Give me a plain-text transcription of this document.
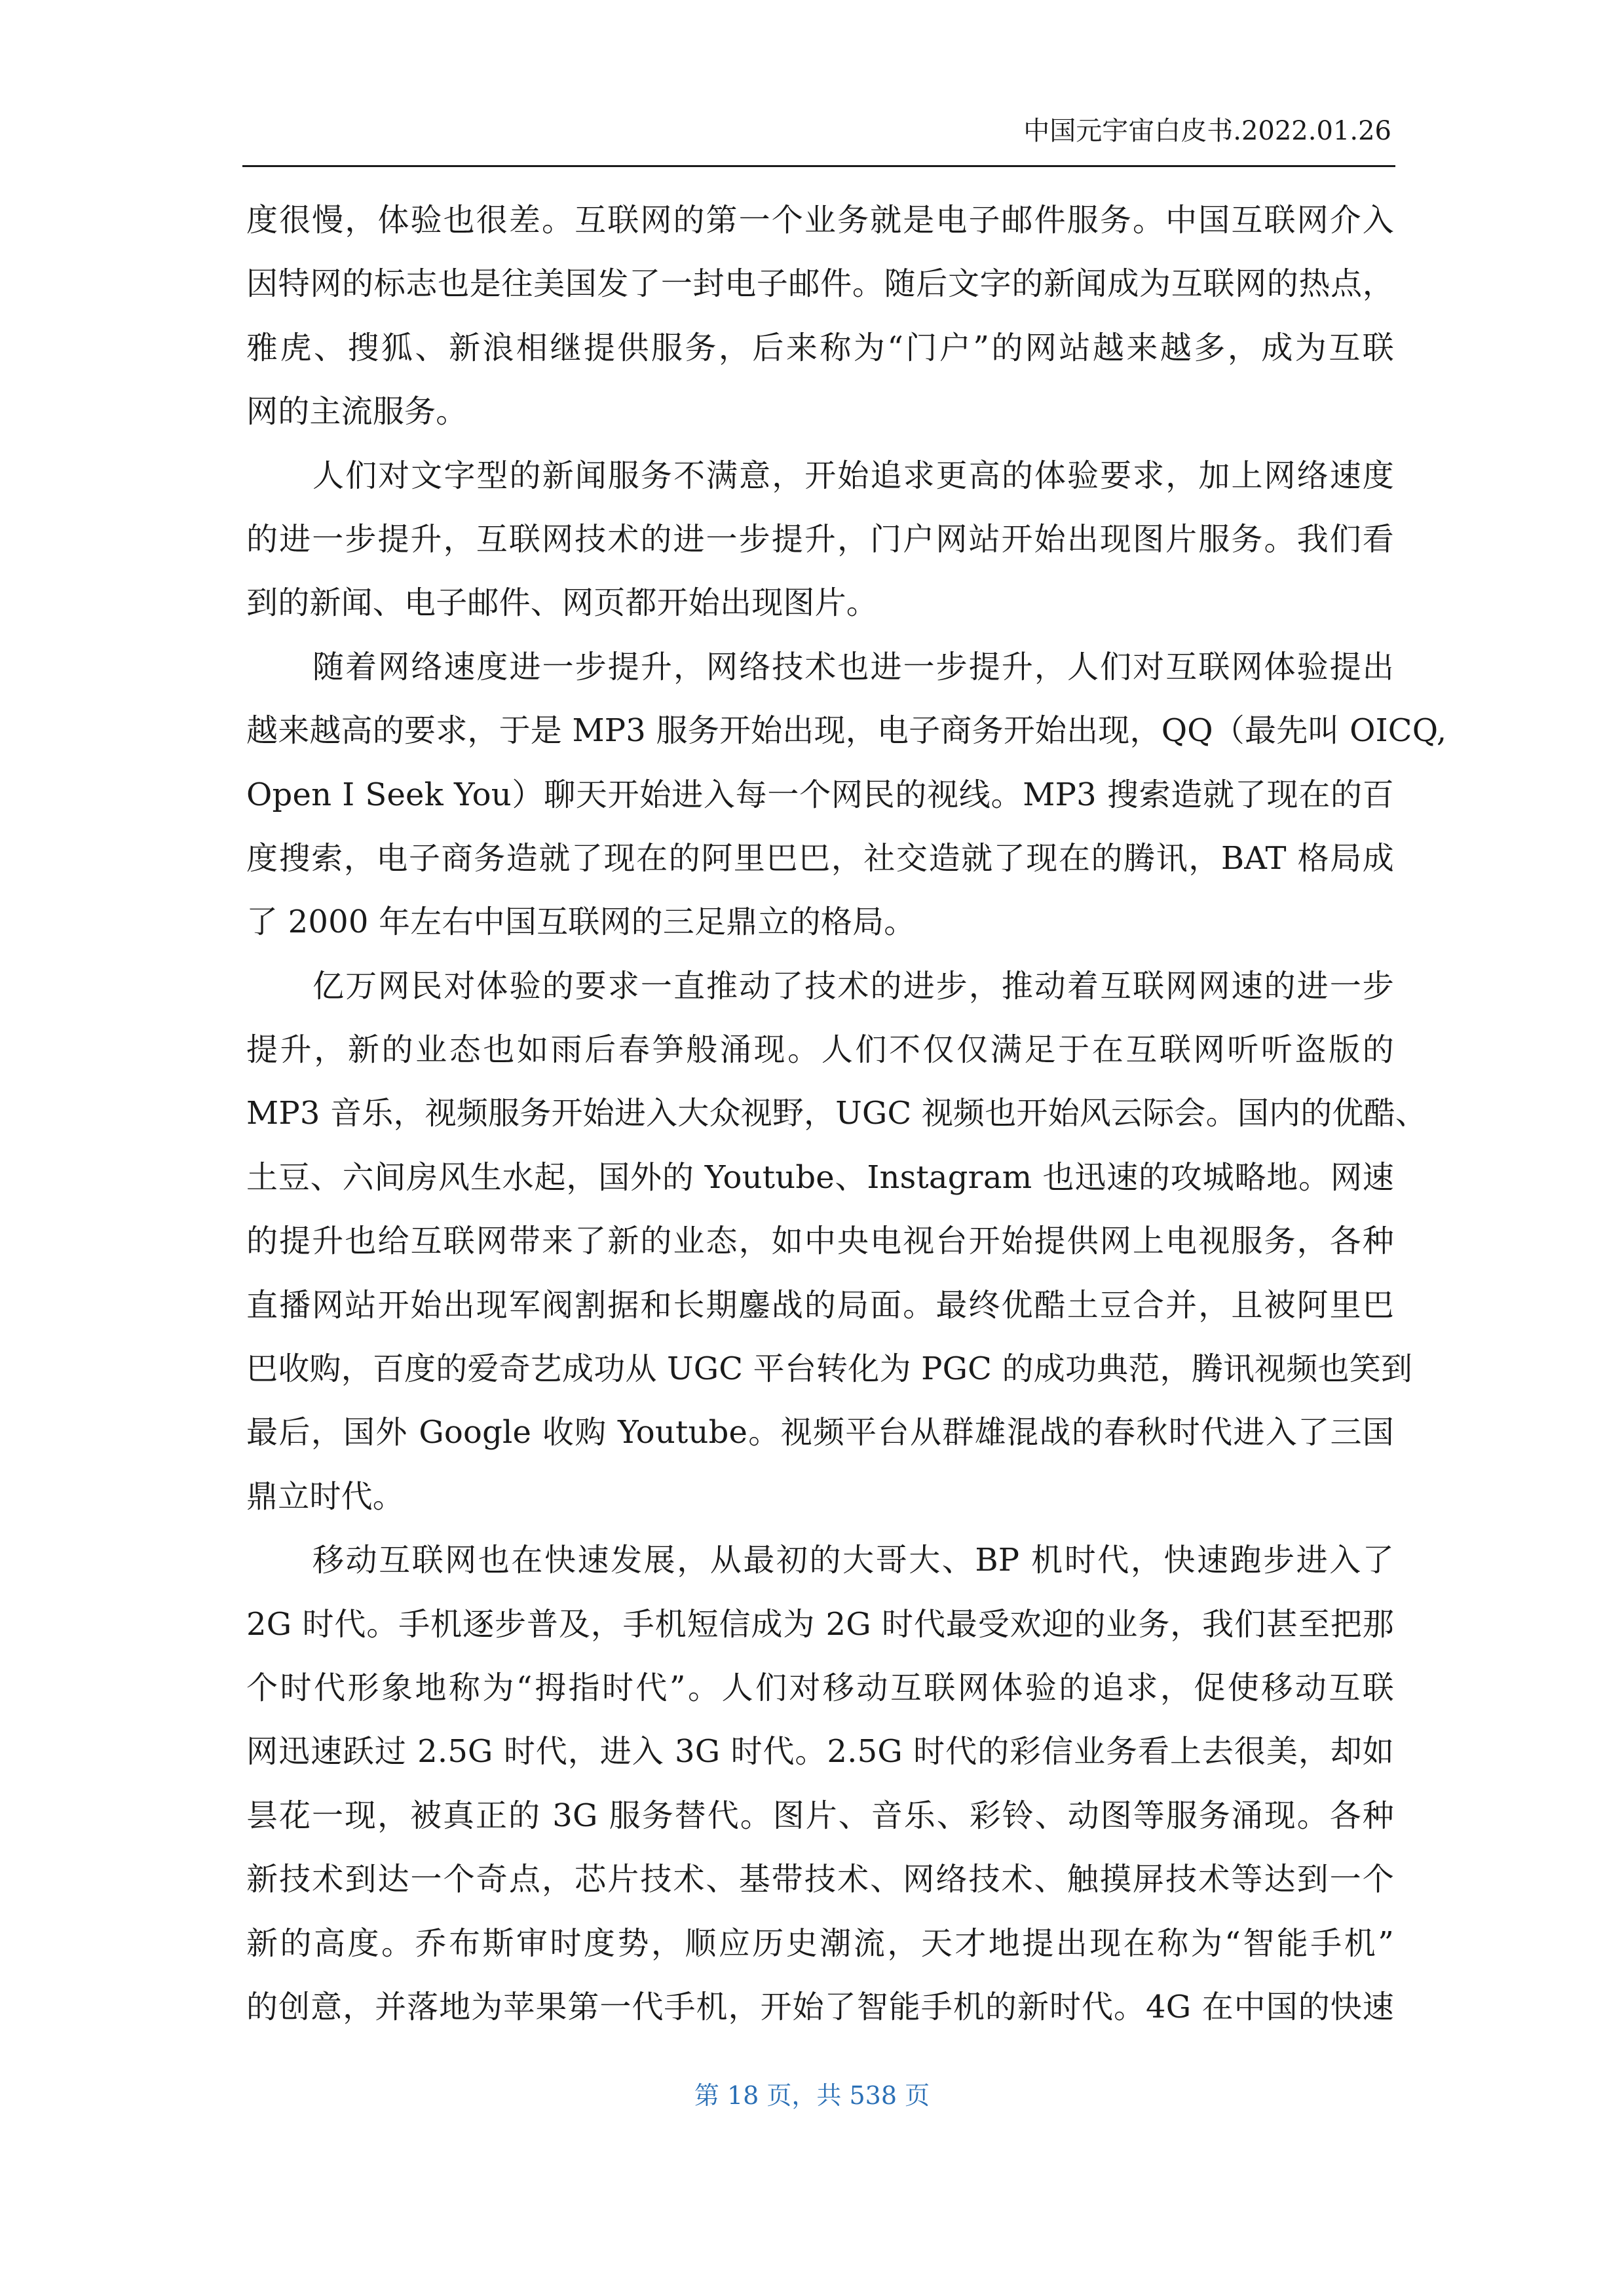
中国元宇宙白皮书.2022.01.26
度很慢，体验也很差。互联网的第一个业务就是电子邮件服务。中国互联网介入
因特网的标志也是往美国发了一封电子邮件。随后文字的新闻成为互联网的热点，
雅虎、搜狐、新浪相继提供服务，后来称为“门户”的网站越来越多，成为互联
网的主流服务。
人们对文字型的新闻服务不满意，开始追求更高的体验要求，加上网络速度
的进一步提升，互联网技术的进一步提升，门户网站开始出现图片服务。我们看
到的新闻、电子邮件、网页都开始出现图片。
随着网络速度进一步提升，网络技术也进一步提升，人们对互联网体验提出
越来越高的要求，于是 MP3 服务开始出现，电子商务开始出现，QQ（最先叫 OICQ,
Open I Seek You）聊天开始进入每一个网民的视线。MP3 搜索造就了现在的百
度搜索，电子商务造就了现在的阿里巴巴，社交造就了现在的腾讯，BAT 格局成
了 2000 年左右中国互联网的三足鼎立的格局。
亿万网民对体验的要求一直推动了技术的进步，推动着互联网网速的进一步
提升，新的业态也如雨后春笋般涌现。人们不仅仅满足于在互联网听听盗版的
MP3 音乐，视频服务开始进入大众视野，UGC 视频也开始风云际会。国内的优酷、
土豆、六间房风生水起，国外的 Youtube、Instagram 也迅速的攻城略地。网速
的提升也给互联网带来了新的业态，如中央电视台开始提供网上电视服务，各种
直播网站开始出现军阀割据和长期鏖战的局面。最终优酷土豆合并，且被阿里巴
巴收购，百度的爱奇艺成功从 UGC 平台转化为 PGC 的成功典范，腾讯视频也笑到
最后，国外 Google 收购 Youtube。视频平台从群雄混战的春秋时代进入了三国
鼎立时代。
移动互联网也在快速发展，从最初的大哥大、BP 机时代，快速跑步进入了
2G 时代。手机逐步普及，手机短信成为 2G 时代最受欢迎的业务，我们甚至把那
个时代形象地称为“拇指时代”。人们对移动互联网体验的追求，促使移动互联
网迅速跃过 2.5G 时代，进入 3G 时代。2.5G 时代的彩信业务看上去很美，却如
昙花一现，被真正的 3G 服务替代。图片、音乐、彩铃、动图等服务涌现。各种
新技术到达一个奇点，芯片技术、基带技术、网络技术、触摸屏技术等达到一个
新的高度。乔布斯审时度势，顺应历史潮流，天才地提出现在称为“智能手机”
的创意，并落地为苹果第一代手机，开始了智能手机的新时代。4G 在中国的快速
第 18 页，共 538 页
